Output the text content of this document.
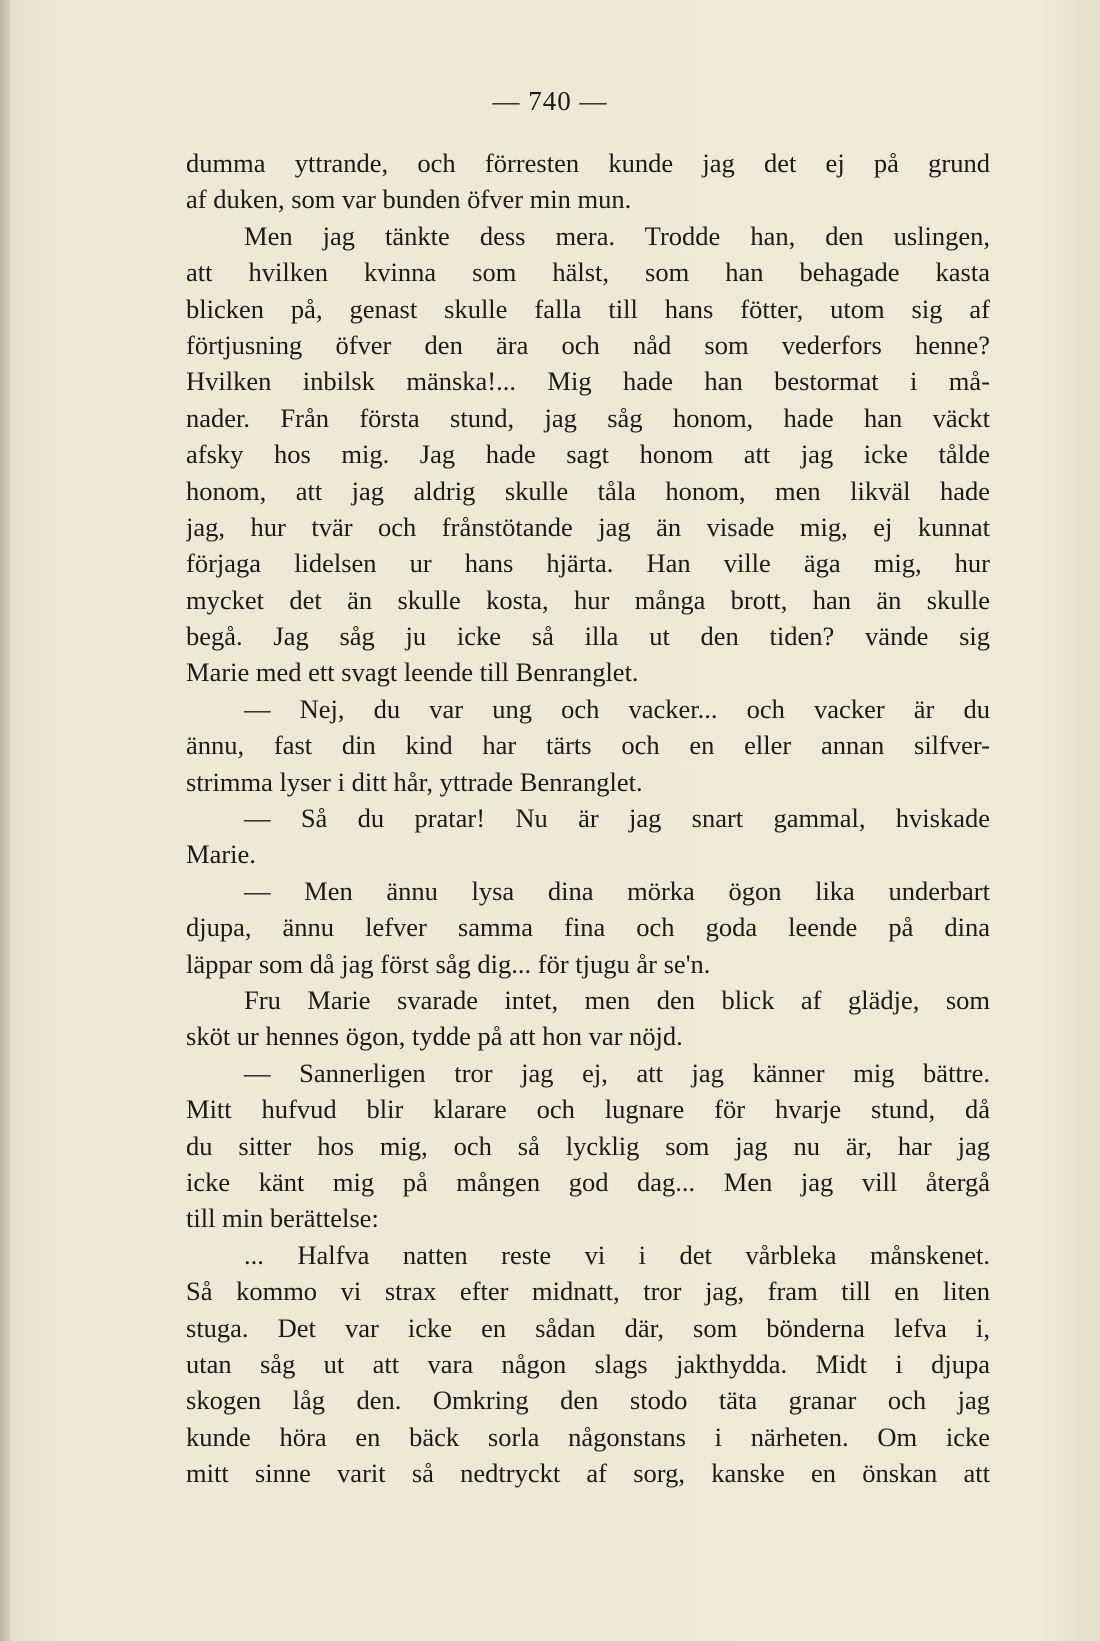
— 740 —
dumma yttrande, och förresten kunde jag det ej på grund
af duken, som var bunden öfver min mun.
Men jag tänkte dess mera. Trodde han, den uslingen,
att hvilken kvinna som hälst, som han behagade kasta
blicken på, genast skulle falla till hans fötter, utom sig af
förtjusning öfver den ära och nåd som vederfors henne?
Hvilken inbilsk mänska!... Mig hade han bestormat i må-
nader. Från första stund, jag såg honom, hade han väckt
afsky hos mig. Jag hade sagt honom att jag icke tålde
honom, att jag aldrig skulle tåla honom, men likväl hade
jag, hur tvär och frånstötande jag än visade mig, ej kunnat
förjaga lidelsen ur hans hjärta. Han ville äga mig, hur
mycket det än skulle kosta, hur många brott, han än skulle
begå. Jag såg ju icke så illa ut den tiden? vände sig
Marie med ett svagt leende till Benranglet.
— Nej, du var ung och vacker... och vacker är du
ännu, fast din kind har tärts och en eller annan silfver-
strimma lyser i ditt hår, yttrade Benranglet.
— Så du pratar! Nu är jag snart gammal, hviskade
Marie.
— Men ännu lysa dina mörka ögon lika underbart
djupa, ännu lefver samma fina och goda leende på dina
läppar som då jag först såg dig... för tjugu år se'n.
Fru Marie svarade intet, men den blick af glädje, som
sköt ur hennes ögon, tydde på att hon var nöjd.
— Sannerligen tror jag ej, att jag känner mig bättre.
Mitt hufvud blir klarare och lugnare för hvarje stund, då
du sitter hos mig, och så lycklig som jag nu är, har jag
icke känt mig på mången god dag... Men jag vill återgå
till min berättelse:
... Halfva natten reste vi i det vårbleka månskenet.
Så kommo vi strax efter midnatt, tror jag, fram till en liten
stuga. Det var icke en sådan där, som bönderna lefva i,
utan såg ut att vara någon slags jakthydda. Midt i djupa
skogen låg den. Omkring den stodo täta granar och jag
kunde höra en bäck sorla någonstans i närheten. Om icke
mitt sinne varit så nedtryckt af sorg, kanske en önskan att
